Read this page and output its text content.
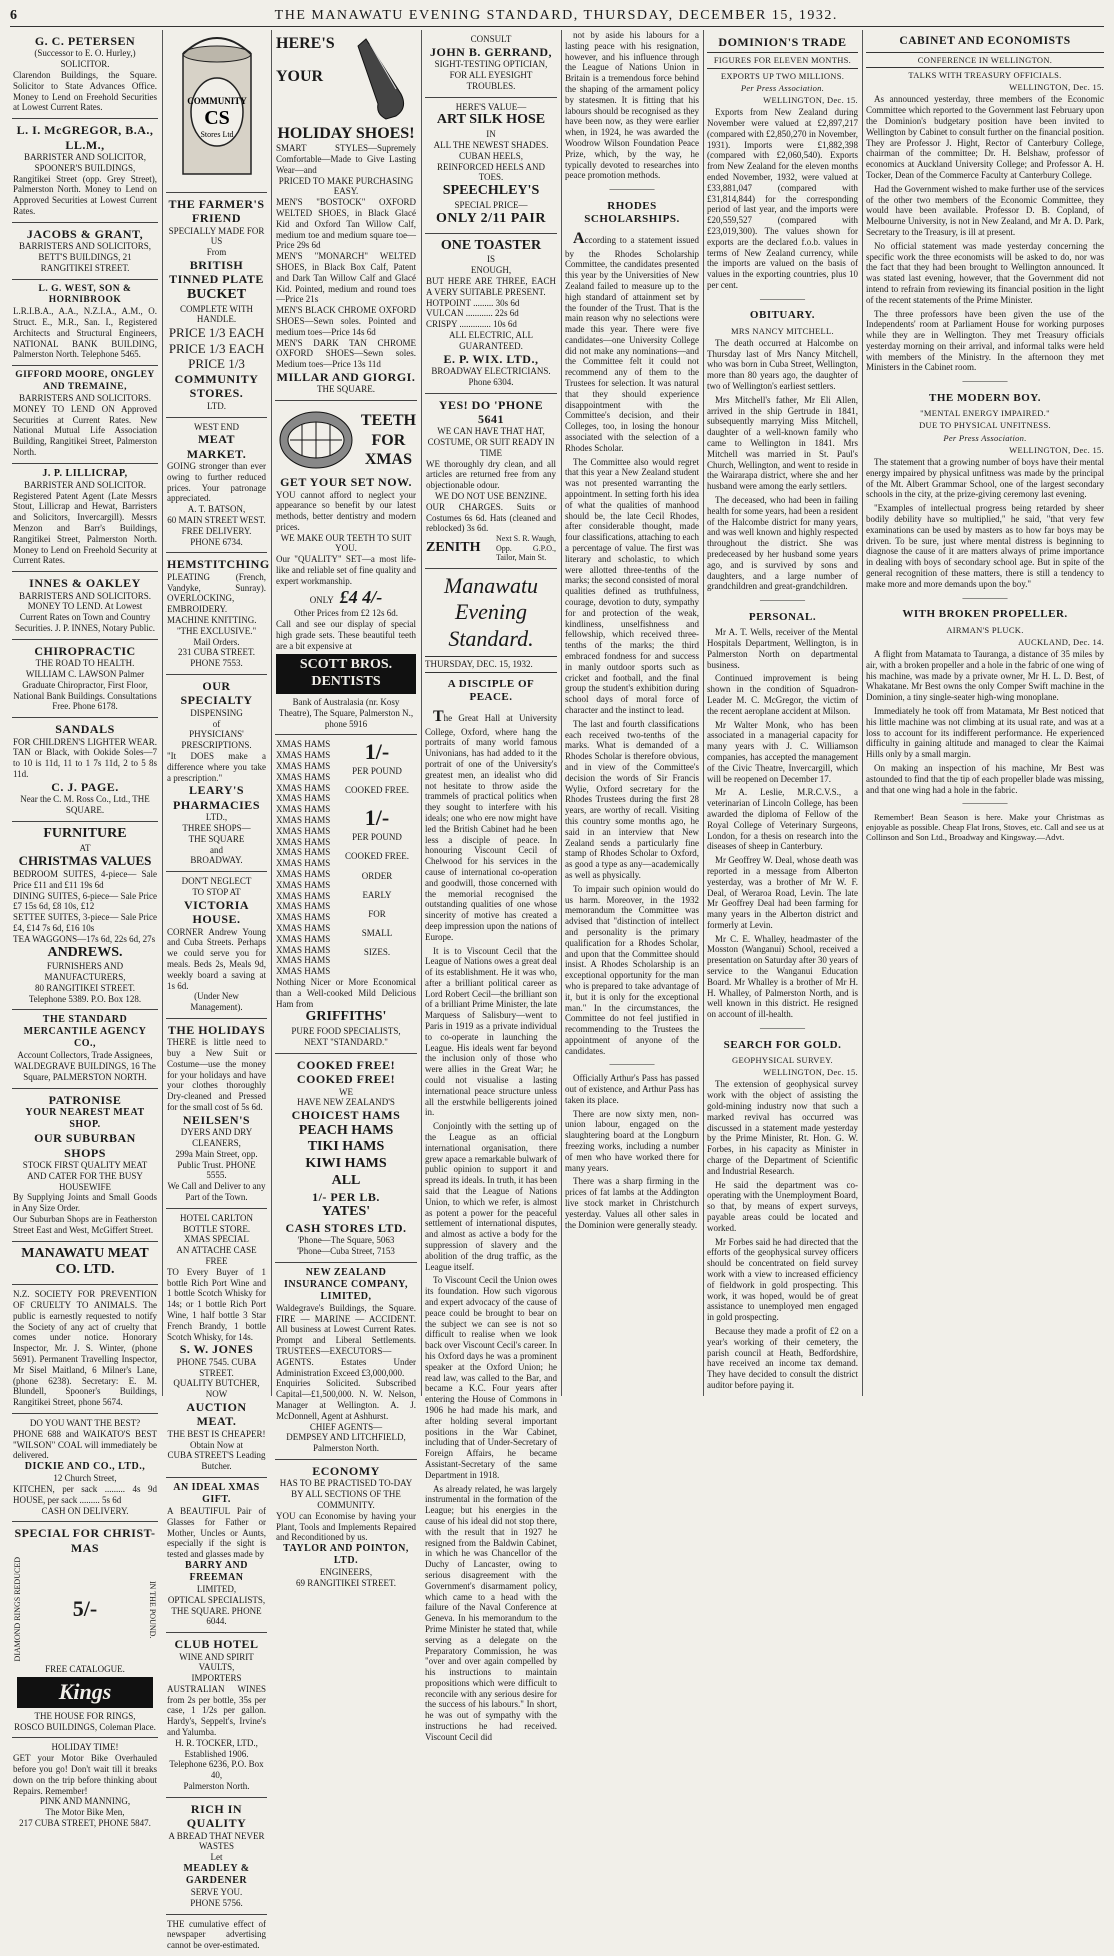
6	THE MANAWATU EVENING STANDARD, THURSDAY, DECEMBER 15, 1932.
G. C. PETERSEN
(Successor to E. O. Hurley,)
SOLICITOR.
Clarendon Buildings, the Square. Solicitor to State Advances Office. Money to Lend on Freehold Securities at Lowest Current Rates.
L. I. McGREGOR, B.A., LL.M.,
BARRISTER AND SOLICITOR, SPOONER'S BUILDINGS,
Rangitikei Street (opp. Grey Street), Palmerston North. Money to Lend on Approved Securities at Lowest Current Rates.
JACOBS & GRANT,
BARRISTERS AND SOLICITORS,
BETT'S BUILDINGS, 21 RANGITIKEI STREET.
L. G. WEST, SON & HORNIBROOK
L.R.I.B.A., A.A., N.Z.I.A., A.M., O. Struct. E., M.R., San. I., Registered Architects and Structural Engineers, NATIONAL BANK BUILDING, Palmerston North. Telephone 5465.
GIFFORD MOORE, ONGLEY AND TREMAINE,
BARRISTERS AND SOLICITORS.
MONEY TO LEND ON Approved Securities at Current Rates. New National Mutual Life Association Building, Rangitikei Street, Palmerston North.
J. P. LILLICRAP,
BARRISTER AND SOLICITOR.
Registered Patent Agent (Late Messrs Stout, Lillicrap and Hewat, Barristers and Solicitors, Invercargill). Messrs Menzon and Barr's Buildings, Rangitikei Street, Palmerston North. Money to Lend on Freehold Security at Current Rates.
INNES & OAKLEY
BARRISTERS AND SOLICITORS.
MONEY TO LEND. At Lowest Current Rates on Town and Country Securities. J. P. INNES, Notary Public.
CHIROPRACTIC
THE ROAD TO HEALTH.
WILLIAM C. LAWSON Palmer Graduate Chiropractor, First Floor, National Bank Buildings. Consultations Free. Phone 6178.
SANDALS
FOR CHILDREN'S LIGHTER WEAR. TAN or Black, with Ookide Soles—7 to 10 is 11d, 11 to 1 7s 11d, 2 to 5 8s 11d.
C. J. PAGE.
Near the C. M. Ross Co., Ltd., THE SQUARE.
FURNITURE
AT
CHRISTMAS VALUES
BEDROOM SUITES, 4-piece— Sale Price £11 and £11 19s 6d
DINING SUITES, 6-piece— Sale Price £7 15s 6d, £8 10s, £12
SETTEE SUITES, 3-piece— Sale Price £4, £14 7s 6d, £16 10s
TEA WAGGONS—17s 6d, 22s 6d, 27s
ANDREWS.
FURNISHERS AND MANUFACTURERS,
80 RANGITIKEI STREET.
Telephone 5389. P.O. Box 128.
THE STANDARD MERCANTILE AGENCY CO.,
Account Collectors, Trade Assignees, WALDEGRAVE BUILDINGS, 16 The Square, PALMERSTON NORTH.
PATRONISE
YOUR NEAREST MEAT SHOP.
OUR SUBURBAN SHOPS
STOCK FIRST QUALITY MEAT AND CATER FOR THE BUSY HOUSEWIFE
By Supplying Joints and Small Goods in Any Size Order.
Our Suburban Shops are in Featherston Street East and West, McGiffert Street.
MANAWATU MEAT CO. LTD.
N.Z. SOCIETY FOR PREVENTION OF CRUELTY TO ANIMALS. The public is earnestly requested to notify the Society of any act of cruelty that comes under notice. Honorary Inspector, Mr. J. S. Winter, (phone 5691). Permanent Travelling Inspector, Mr Sisel Maitland, 6 Milner's Lane, (phone 6238). Secretary: E. M. Blundell, Spooner's Buildings, Rangitikei Street, phone 5674.
DO YOU WANT THE BEST?
PHONE 688 and WAIKATO'S BEST "WILSON" COAL will immediately be delivered.
DICKIE AND CO., LTD.,
12 Church Street,
KITCHEN, per sack ......... 4s 9d HOUSE, per sack ......... 5s 6d
CASH ON DELIVERY.
SPECIAL FOR CHRIST-
MAS
DIAMOND RINGS REDUCED 5/-	IN THE POUND.
FREE CATALOGUE.
Kings
THE HOUSE FOR RINGS,
ROSCO BUILDINGS, Coleman Place.
HOLIDAY TIME!
GET your Motor Bike Overhauled before you go! Don't wait till it breaks down on the trip before thinking about Repairs. Remember!
PINK AND MANNING,
The Motor Bike Men,
217 CUBA STREET, PHONE 5847.
COMMUNITY
CS
Stores Ltd
THE FARMER'S FRIEND
SPECIALLY MADE FOR US
From
BRITISH TINNED PLATE
BUCKET
COMPLETE WITH HANDLE.
PRICE 1/3 EACH
PRICE 1/3 EACH
PRICE 1/3
COMMUNITY STORES.
LTD.
WEST END
MEAT MARKET.
GOING stronger than ever owing to further reduced prices. Your patronage appreciated.
A. T. BATSON,
60 MAIN STREET WEST.
FREE DELIVERY. PHONE 6734.
HEMSTITCHING
PLEATING (French, Vandyke, Sunray). OVERLOCKING, EMBROIDERY. MACHINE KNITTING.
"THE EXCLUSIVE."
Mail Orders.
231 CUBA STREET. PHONE 7553.
OUR SPECIALTY
DISPENSING
of
PHYSICIANS' PRESCRIPTIONS.
"It DOES make a difference where you take a prescription."
LEARY'S PHARMACIES
LTD.,
THREE SHOPS—
THE SQUARE
and
BROADWAY.
DON'T NEGLECT
TO STOP AT
VICTORIA HOUSE.
CORNER Andrew Young and Cuba Streets. Perhaps we could serve you for meals. Beds 2s, Meals 9d, weekly board a saving at 1s 6d.
(Under New Management).
THE HOLIDAYS
THERE is little need to buy a New Suit or Costume—use the money for your holidays and have your clothes thoroughly Dry-cleaned and Pressed for the small cost of 5s 6d.
NEILSEN'S
DYERS AND DRY CLEANERS,
299a Main Street, opp. Public Trust. PHONE 5555.
We Call and Deliver to any Part of the Town.
HOTEL CARLTON BOTTLE STORE.
XMAS SPECIAL
AN ATTACHE CASE
FREE
TO Every Buyer of 1 bottle Rich Port Wine and 1 bottle Scotch Whisky for 14s; or 1 bottle Rich Port Wine, 1 half bottle 3 Star French Brandy, 1 bottle Scotch Whisky, for 14s.
S. W. JONES
PHONE 7545. CUBA STREET.
QUALITY BUTCHER,
NOW
AUCTION MEAT.
THE BEST IS CHEAPER! Obtain Now at
CUBA STREET'S Leading Butcher.
AN IDEAL XMAS GIFT.
A BEAUTIFUL Pair of Glasses for Father or Mother, Uncles or Aunts, especially if the sight is tested and glasses made by
BARRY AND FREEMAN
LIMITED,
OPTICAL SPECIALISTS,
THE SQUARE. PHONE 6044.
CLUB HOTEL
WINE AND SPIRIT
VAULTS,
IMPORTERS
AUSTRALIAN WINES from 2s per bottle, 35s per case, 1 1/2s per gallon. Hardy's, Seppelt's, Irvine's and Yalumba.
H. R. TOCKER, LTD.,
Established 1906.
Telephone 6236, P.O. Box 40,
Palmerston North.
RICH IN QUALITY
A BREAD THAT NEVER WASTES
Let
MEADLEY & GARDENER
SERVE YOU.
PHONE 5756.
THE cumulative effect of newspaper advertising cannot be over-estimated.
HERE'S
YOUR
HOLIDAY SHOES!
SMART STYLES—Supremely Comfortable—Made to Give Lasting Wear—and
PRICED TO MAKE PURCHASING EASY.
MEN'S "BOSTOCK" OXFORD WELTED SHOES, in Black Glacé Kid and Oxford Tan Willow Calf, medium toe and medium square toe—Price 29s 6d
MEN'S "MONARCH" WELTED SHOES, in Black Box Calf, Patent and Dark Tan Willow Calf and Glacé Kid. Pointed, medium and round toes—Price 21s
MEN'S BLACK CHROME OXFORD SHOES—Sewn soles. Pointed and medium toes—Price 14s 6d
MEN'S DARK TAN CHROME OXFORD SHOES—Sewn soles. Medium toes—Price 13s 11d
MILLAR AND GIORGI.
THE SQUARE.
TEETH
FOR
XMAS
GET YOUR SET NOW.
YOU cannot afford to neglect your appearance so benefit by our latest methods, better dentistry and modern prices.
WE MAKE OUR TEETH TO SUIT YOU.
Our "QUALITY" SET—a most life-like and reliable set of fine quality and expert workmanship.
ONLY £4 4/-
Other Prices from £2 12s 6d.
Call and see our display of special high grade sets. These beautiful teeth are a bit expensive at
SCOTT BROS. DENTISTS
Bank of Australasia (nr. Kosy Theatre), The Square, Palmerston N., phone 5916
XMAS HAMS
XMAS HAMS
XMAS HAMS
XMAS HAMS
XMAS HAMS
XMAS HAMS
XMAS HAMS
XMAS HAMS
XMAS HAMS
XMAS HAMS
XMAS HAMS
XMAS HAMS
XMAS HAMS
XMAS HAMS
XMAS HAMS
XMAS HAMS
XMAS HAMS
XMAS HAMS
XMAS HAMS
XMAS HAMS
XMAS HAMS
XMAS HAMS
1/-
PER POUND
COOKED FREE.
1/-
PER POUND
COOKED FREE.
ORDER
EARLY
FOR
SMALL
SIZES.
Nothing Nicer or More Economical than a Well-cooked Mild Delicious Ham from
GRIFFITHS'
PURE FOOD SPECIALISTS,
NEXT "STANDARD."
COOKED FREE!
COOKED FREE!
WE
HAVE NEW ZEALAND'S
CHOICEST HAMS
PEACH HAMS
TIKI HAMS
KIWI HAMS
ALL
1/- PER LB.
YATES'
CASH STORES LTD.
'Phone—The Square, 5063
'Phone—Cuba Street, 7153
NEW ZEALAND INSURANCE COMPANY, LIMITED,
Waldegrave's Buildings, the Square. FIRE — MARINE — ACCIDENT. All business at Lowest Current Rates. Prompt and Liberal Settlements. TRUSTEES—EXECUTORS—AGENTS. Estates Under Administration Exceed £3,000,000.
Enquiries Solicited. Subscribed Capital—£1,500,000. N. W. Nelson, Manager at Wellington. A. J. McDonnell, Agent at Ashhurst.
CHIEF AGENTS—
DEMPSEY AND LITCHFIELD,
Palmerston North.
ECONOMY
HAS TO BE PRACTISED TO-DAY BY ALL SECTIONS OF THE COMMUNITY.
YOU can Economise by having your Plant, Tools and Implements Repaired and Reconditioned by us.
TAYLOR AND POINTON, LTD.
ENGINEERS,
69 RANGITIKEI STREET.
CONSULT
JOHN B. GERRAND,
SIGHT-TESTING OPTICIAN,
FOR ALL EYESIGHT TROUBLES.
HERE'S VALUE—
ART SILK HOSE
IN
ALL THE NEWEST SHADES.
CUBAN HEELS,
REINFORCED HEELS AND TOES.
SPEECHLEY'S
SPECIAL PRICE—
ONLY 2/11 PAIR
ONE TOASTER
IS
ENOUGH,
BUT HERE ARE THREE, EACH A VERY SUITABLE PRESENT.
HOTPOINT ......... 30s 6d
VULCAN ............ 22s 6d
CRISPY .............. 10s 6d
ALL ELECTRIC, ALL GUARANTEED.
E. P. WIX. LTD.,
BROADWAY ELECTRICIANS.
Phone 6304.
YES! DO 'PHONE 5641
WE CAN HAVE THAT HAT, COSTUME, OR SUIT READY IN TIME
WE thoroughly dry clean, and all articles are returned free from any objectionable odour.
WE DO NOT USE BENZINE.
OUR CHARGES. Suits or Costumes 6s 6d. Hats (cleaned and reblocked) 3s 6d.
ZENITH
Next S. R. Waugh, Opp. G.P.O., Tailor, Main St.
Manawatu Evening Standard.
THURSDAY, DEC. 15, 1932.
A DISCIPLE OF PEACE.

The Great Hall at University College, Oxford, where hang the portraits of many world famous Univonians, has had added to it the portrait of one of the University's greatest men, an idealist who did not hesitate to throw aside the trammels of practical politics when they sought to interfere with his ideals; one who ere now might have led the British Cabinet had he been less a disciple of peace. In honouring Viscount Cecil of Chelwood for his services in the cause of international co-operation and goodwill, those concerned with the memorial recognised the outstanding qualities of one whose sincerity of motive has created a deep impression upon the nations of Europe.

It is to Viscount Cecil that the League of Nations owes a great deal of its establishment. He it was who, after a brilliant political career as Lord Robert Cecil—the brilliant son of a brilliant Prime Minister, the late Marquess of Salisbury—went to Paris in 1919 as a private individual to co-operate in launching the League. His ideals went far beyond the inclusion only of those who were allies in the Great War; he could not visualise a lasting international peace structure unless all the erstwhile belligerents joined in.

Conjointly with the setting up of the League as an official international organisation, there grew apace a remarkable bulwark of public opinion to support it and spread its ideals. In truth, it has been said that the League of Nations Union, to which we refer, is almost as potent a power for the peaceful settlement of international disputes, and almost as active a body for the suppression of slavery and the abolition of the drug traffic, as the League itself.

To Viscount Cecil the Union owes its foundation. How such vigorous and expert advocacy of the cause of peace could be brought to bear on the subject we can see is not so difficult to realise when we look back over Viscount Cecil's career. In his Oxford days he was a prominent speaker at the Oxford Union; he read law, was called to the Bar, and became a K.C. Four years after entering the House of Commons in 1906 he had made his mark, and after holding several important positions in the War Cabinet, including that of Under-Secretary of Foreign Affairs, he became Assistant-Secretary of the same Department in 1918.

As already related, he was largely instrumental in the formation of the League; but his energies in the cause of his ideal did not stop there, with the result that in 1927 he resigned from the Baldwin Cabinet, in which he was Chancellor of the Duchy of Lancaster, owing to serious disagreement with the Government's disarmament policy, which came to a head with the failure of the Naval Conference at Geneva. In his memorandum to the Prime Minister he stated that, while serving as a delegate on the Preparatory Commission, he was "over and over again compelled by his instructions to maintain propositions which were difficult to reconcile with any serious desire for the success of his labours." In short, he was out of sympathy with the instructions he had received. Viscount Cecil did

not by aside his labours for a lasting peace with his resignation, however, and his influence through the League of Nations Union in Britain is a tremendous force behind the shaping of the armament policy by statesmen. It is fitting that his labours should be recognised as they have been now, as they were earlier when, in 1924, he was awarded the Woodrow Wilson Foundation Peace Prize, which, by the way, he typically devoted to researches into peace promotion methods.

—————
RHODES SCHOLARSHIPS.

According to a statement issued by the Rhodes Scholarship Committee, the candidates presented this year by the Universities of New Zealand failed to measure up to the high standard of attainment set by the founder of the Trust. That is the main reason why no selections were made this year. There were five candidates—one University College did not make any nominations—and the Committee felt it could not recommend any of them to the Trustees for selection. It was natural that they should experience disappointment with the Committee's decision, and their Colleges, too, in losing the honour associated with the selection of a Rhodes Scholar.

The Committee also would regret that this year a New Zealand student was not presented warranting the appointment. In setting forth his idea of what the qualities of manhood should be, the late Cecil Rhodes, after considerable thought, made four classifications, attaching to each a percentage of value. The first was literary and scholastic, to which were allotted three-tenths of the marks; the second consisted of moral qualities defined as truthfulness, courage, devotion to duty, sympathy for and protection of the weak, kindliness, unselfishness and fellowship, which received three-tenths of the marks; the third embraced fondness for and success in manly outdoor sports such as cricket and football, and the final group the student's exhibition during school days of moral force of character and the instinct to lead.

The last and fourth classifications each received two-tenths of the marks. What is demanded of a Rhodes Scholar is therefore obvious, and in view of the Committee's decision the words of Sir Francis Wylie, Oxford secretary for the Rhodes Trustees during the first 28 years, are worthy of recall. Visiting this country some months ago, he said in an interview that New Zealand sends a particularly fine stamp of Rhodes Scholar to Oxford, as good a type as any—academically as well as physically.

To impair such opinion would do us harm. Moreover, in the 1932 memorandum the Committee was advised that "distinction of intellect and personality is the primary qualification for a Rhodes Scholar, and upon that the Committee should insist. A Rhodes Scholarship is an exceptional opportunity for the man who is prepared to take advantage of it, but it is only for the exceptional man." In the circumstances, the Committee do not feel justified in recommending to the Trustees the appointment of anyone of the candidates.

—————

Officially Arthur's Pass has passed out of existence, and Arthur Pass has taken its place.

There are now sixty men, non-union labour, engaged on the slaughtering board at the Longburn freezing works, including a number of men who have worked there for many years.

There was a sharp firming in the prices of fat lambs at the Addington live stock market in Christchurch yesterday. Values all other sales in the Dominion were generally steady.

DOMINION'S TRADE
FIGURES FOR ELEVEN MONTHS.
EXPORTS UP TWO MILLIONS.
Per Press Association.
WELLINGTON, Dec. 15.

Exports from New Zealand during November were valued at £2,897,217 (compared with £2,850,270 in November, 1931). Imports were £1,882,398 (compared with £2,060,540). Exports from New Zealand for the eleven months ended November, 1932, were valued at £33,881,047 (compared with £31,814,844) for the corresponding period of last year, and the imports were £20,559,527 (compared with £23,019,300). The values shown for exports are the declared f.o.b. values in terms of New Zealand currency, while the imports are valued on the basis of values in the exporting countries, plus 10 per cent.

—————
OBITUARY.
MRS NANCY MITCHELL.

The death occurred at Halcombe on Thursday last of Mrs Nancy Mitchell, who was born in Cuba Street, Wellington, more than 80 years ago, the daughter of two of Wellington's earliest settlers.

Mrs Mitchell's father, Mr Eli Allen, arrived in the ship Gertrude in 1841, subsequently marrying Miss Mitchell, daughter of a well-known family who came to Wellington in 1841. Mrs Mitchell was married in St. Paul's Church, Wellington, and went to reside in the Wairarapa district, where she and her husband were among the early settlers.

The deceased, who had been in failing health for some years, had been a resident of the Halcombe district for many years, and was well known and highly respected throughout the district. She was predeceased by her husband some years ago, and is survived by sons and daughters, and a large number of grandchildren and great-grandchildren.

—————
PERSONAL.

Mr A. T. Wells, receiver of the Mental Hospitals Department, Wellington, is in Palmerston North on departmental business.

Continued improvement is being shown in the condition of Squadron-Leader M. C. McGregor, the victim of the recent aeroplane accident at Milson.

Mr Walter Monk, who has been associated in a managerial capacity for many years with J. C. Williamson companies, has accepted the management of the Civic Theatre, Invercargill, which will be reopened on December 17.

Mr A. Leslie, M.R.C.V.S., a veterinarian of Lincoln College, has been awarded the diploma of Fellow of the Royal College of Veterinary Surgeons, London, for a thesis on research into the diseases of sheep in Canterbury.

Mr Geoffrey W. Deal, whose death was reported in a message from Alberton yesterday, was a brother of Mr W. F. Deal, of Weraroa Road, Levin. The late Mr Geoffrey Deal had been farming for many years in the Alberton district and formerly at Levin.

Mr C. E. Whalley, headmaster of the Mosston (Wanganui) School, received a presentation on Saturday after 30 years of service to the Wanganui Education Board. Mr Whalley is a brother of Mr H. H. Whalley, of Palmerston North, and is well known in this district. He resigned on account of ill-health.

—————
SEARCH FOR GOLD.
GEOPHYSICAL SURVEY.
WELLINGTON, Dec. 15.

The extension of geophysical survey work with the object of assisting the gold-mining industry now that such a marked revival has occurred was discussed in a statement made yesterday by the Prime Minister, Rt. Hon. G. W. Forbes, in his capacity as Minister in charge of the Department of Scientific and Industrial Research.

He said the department was co-operating with the Unemployment Board, so that, by means of expert surveys, payable areas could be located and worked.

Mr Forbes said he had directed that the efforts of the geophysical survey officers should be concentrated on field survey work with a view to increased efficiency of fieldwork in gold prospecting. This work, it was hoped, would be of great assistance to unemployed men engaged in gold prospecting.

Because they made a profit of £2 on a year's working of their cemetery, the parish council at Heath, Bedfordshire, have received an income tax demand. They have decided to consult the district auditor before paying it.

CABINET AND ECONOMISTS
CONFERENCE IN WELLINGTON.
TALKS WITH TREASURY OFFICIALS.
WELLINGTON, Dec. 15.

As announced yesterday, three members of the Economic Committee which reported to the Government last February upon the Dominion's budgetary position have been invited to Wellington by Cabinet to consult further on the financial position. They are Professor J. Hight, Rector of Canterbury College, chairman of the committee; Dr. H. Belshaw, professor of economics at Auckland University College; and Professor A. H. Tocker, Dean of the Commerce Faculty at Canterbury College.

Had the Government wished to make further use of the services of the other two members of the Economic Committee, they would have been available. Professor D. B. Copland, of Melbourne University, is not in New Zealand, and Mr A. D. Park, Secretary to the Treasury, is ill at present.

No official statement was made yesterday concerning the specific work the three economists will be asked to do, nor was the fact that they had been brought to Wellington announced. It was stated last evening, however, that the Government did not intend to refrain from reviewing its financial position in the light of the recent statements of the Prime Minister.

The three professors have been given the use of the Independents' room at Parliament House for working purposes while they are in Wellington. They met Treasury officials yesterday morning on their arrival, and informal talks were held with members of the Ministry. In the afternoon they met Ministers in the Cabinet room.

—————
THE MODERN BOY.
"MENTAL ENERGY IMPAIRED."
DUE TO PHYSICAL UNFITNESS.
Per Press Association.
WELLINGTON, Dec. 15.

The statement that a growing number of boys have their mental energy impaired by physical unfitness was made by the principal of the Mt. Albert Grammar School, one of the largest secondary schools in the city, at the prize-giving ceremony last evening.

"Examples of intellectual progress being retarded by sheer bodily debility have so multiplied," he said, "that very few examinations can be used by masters as to how far boys may be driven. To be sure, just where mental distress is beginning to diagnose the cause of it are matters always of prime importance in dealing with boys of secondary school age. But in spite of the general recognition of these matters, there is still a tendency to make more and more demands upon the boy."

—————
WITH BROKEN PROPELLER.
AIRMAN'S PLUCK.
AUCKLAND, Dec. 14.

A flight from Matamata to Tauranga, a distance of 35 miles by air, with a broken propeller and a hole in the fabric of one wing of his machine, was made by a private owner, Mr H. L. D. Best, of Whakatane. Mr Best owns the only Comper Swift machine in the Dominion, a tiny single-seater high-wing monoplane.

Immediately he took off from Matamata, Mr Best noticed that his little machine was not climbing at its usual rate, and was at a loss to account for its indifferent performance. He experienced difficulty in gaining altitude and managed to clear the Kaimai Hills only by a small margin.

On making an inspection of his machine, Mr Best was astounded to find that the tip of each propeller blade was missing, and that one wing had a hole in the fabric.

—————

Remember! Bean Season is here. Make your Christmas as enjoyable as possible. Cheap Flat Irons, Stoves, etc. Call and see us at Collinson and Son Ltd., Broadway and Kingsway.—Advt.
